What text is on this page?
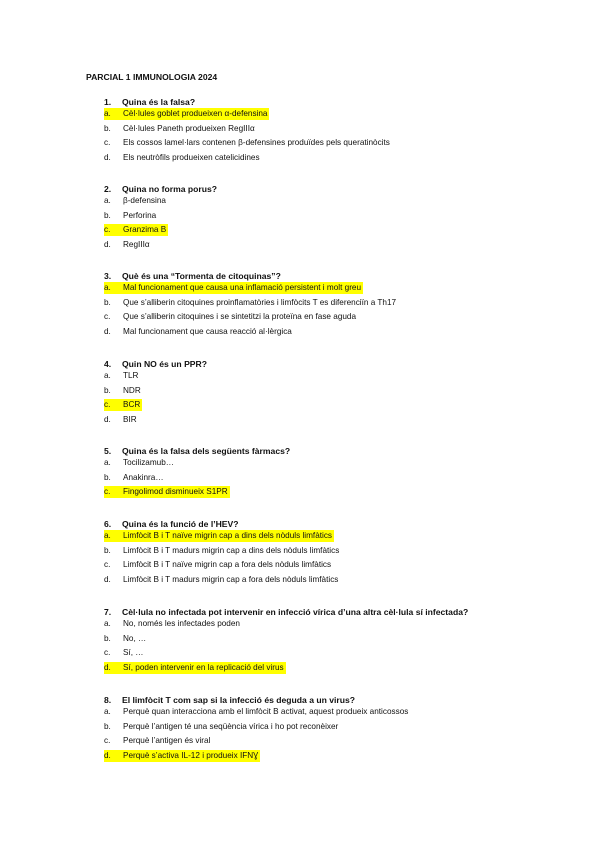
PARCIAL 1 IMMUNOLOGIA 2024
1. Quina és la falsa?
a.	Cèl·lules goblet produeixen α-defensina
b.	Cèl·lules Paneth produeixen RegIIIα
c.	Els cossos lamel·lars contenen β-defensines produïdes pels queratinòcits
d.	Els neutròfils produeixen catelicidines
2. Quina no forma porus?
a.	β-defensina
b.	Perforina
c.	Granzima B
d.	RegIIIα
3. Què és una “Tormenta de citoquinas”?
a.	Mal funcionament que causa una inflamació persistent i molt greu
b.	Que s’alliberin citoquines proinflamatòries i limfòcits T es diferenciïn a Th17
c.	Que s’alliberin citoquines i se sintetitzi la proteïna en fase aguda
d.	Mal funcionament que causa reacció al·lèrgica
4. Quin NO és un PPR?
a.	TLR
b.	NDR
c.	BCR
d.	BIR
5. Quina és la falsa dels següents fàrmacs?
a.	Tocilizamub…
b.	Anakinra…
c.	Fingolimod disminueix S1PR
6. Quina és la funció de l’HEV?
a.	Limfòcit B i T naïve migrin cap a dins dels nòduls limfàtics
b.	Limfòcit B i T madurs migrin cap a dins dels nòduls limfàtics
c.	Limfòcit B i T naïve migrin cap a fora dels nòduls limfàtics
d.	Limfòcit B i T madurs migrin cap a fora dels nòduls limfàtics
7. Cèl·lula no infectada pot intervenir en infecció vírica d’una altra cèl·lula sí infectada?
a.	No, només les infectades poden
b.	No, …
c.	Sí, …
d.	Sí, poden intervenir en la replicació del virus
8. El limfòcit T com sap si la infecció és deguda a un virus?
a.	Perquè quan interacciona amb el limfòcit B activat, aquest produeix anticossos
b.	Perquè l’antigen té una seqüència vírica i ho pot reconèixer
c.	Perquè l’antigen és viral
d.	Perquè s’activa IL-12 i produeix IFNƔ
